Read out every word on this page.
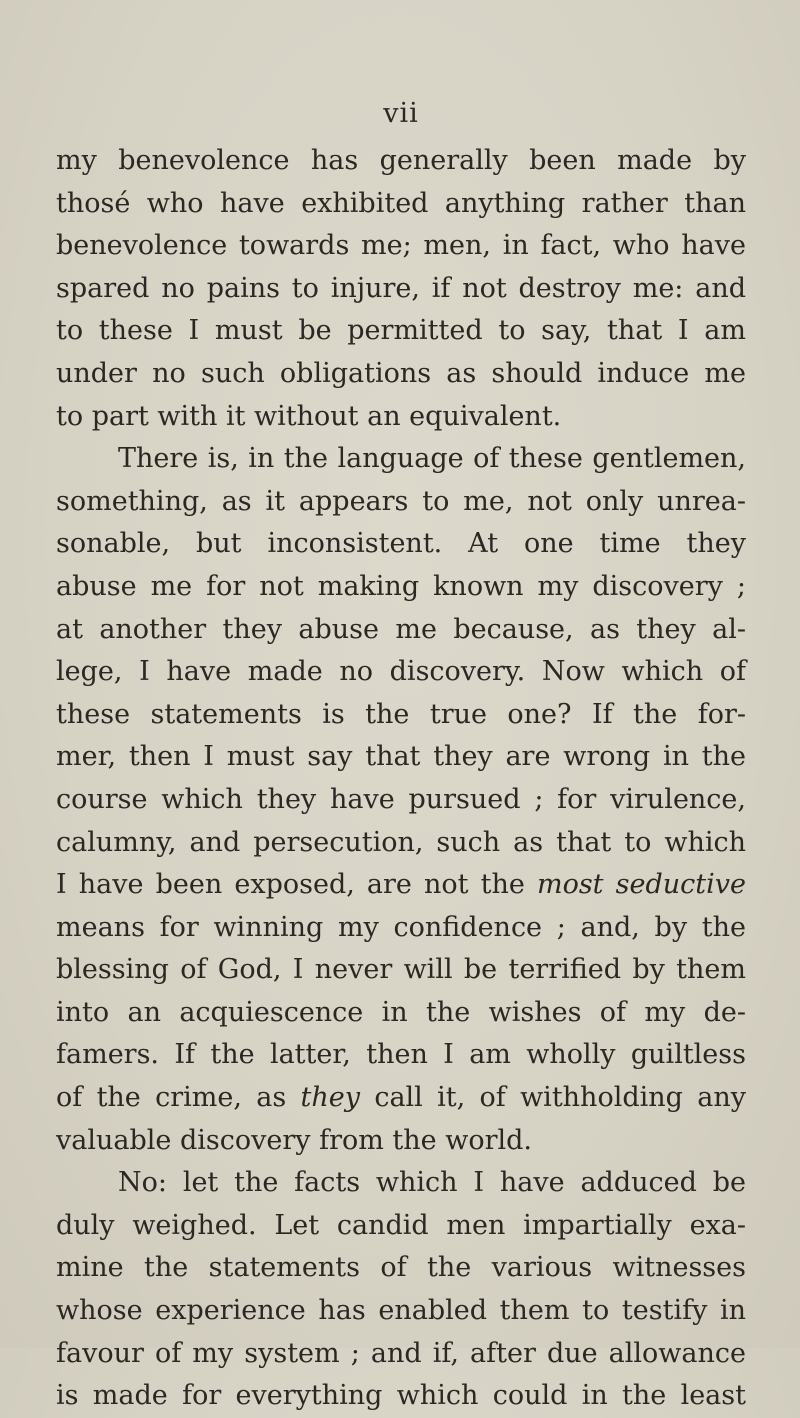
vii
my benevolence has generally been made by
thosé who have exhibited anything rather than
benevolence towards me; men, in fact, who have
spared no pains to injure, if not destroy me: and
to these I must be permitted to say, that I am
under no such obligations as should induce me
to part with it without an equivalent.
There is, in the language of these gentlemen,
something, as it appears to me, not only unrea-
sonable, but inconsistent. At one time they
abuse me for not making known my discovery ;
at another they abuse me because, as they al-
lege, I have made no discovery. Now which of
these statements is the true one? If the for-
mer, then I must say that they are wrong in the
course which they have pursued ; for virulence,
calumny, and persecution, such as that to which
I have been exposed, are not the most seductive
means for winning my confidence ; and, by the
blessing of God, I never will be terrified by them
into an acquiescence in the wishes of my de-
famers. If the latter, then I am wholly guiltless
of the crime, as they call it, of withholding any
valuable discovery from the world.
No: let the facts which I have adduced be
duly weighed. Let candid men impartially exa-
mine the statements of the various witnesses
whose experience has enabled them to testify in
favour of my system ; and if, after due allowance
is made for everything which could in the least
